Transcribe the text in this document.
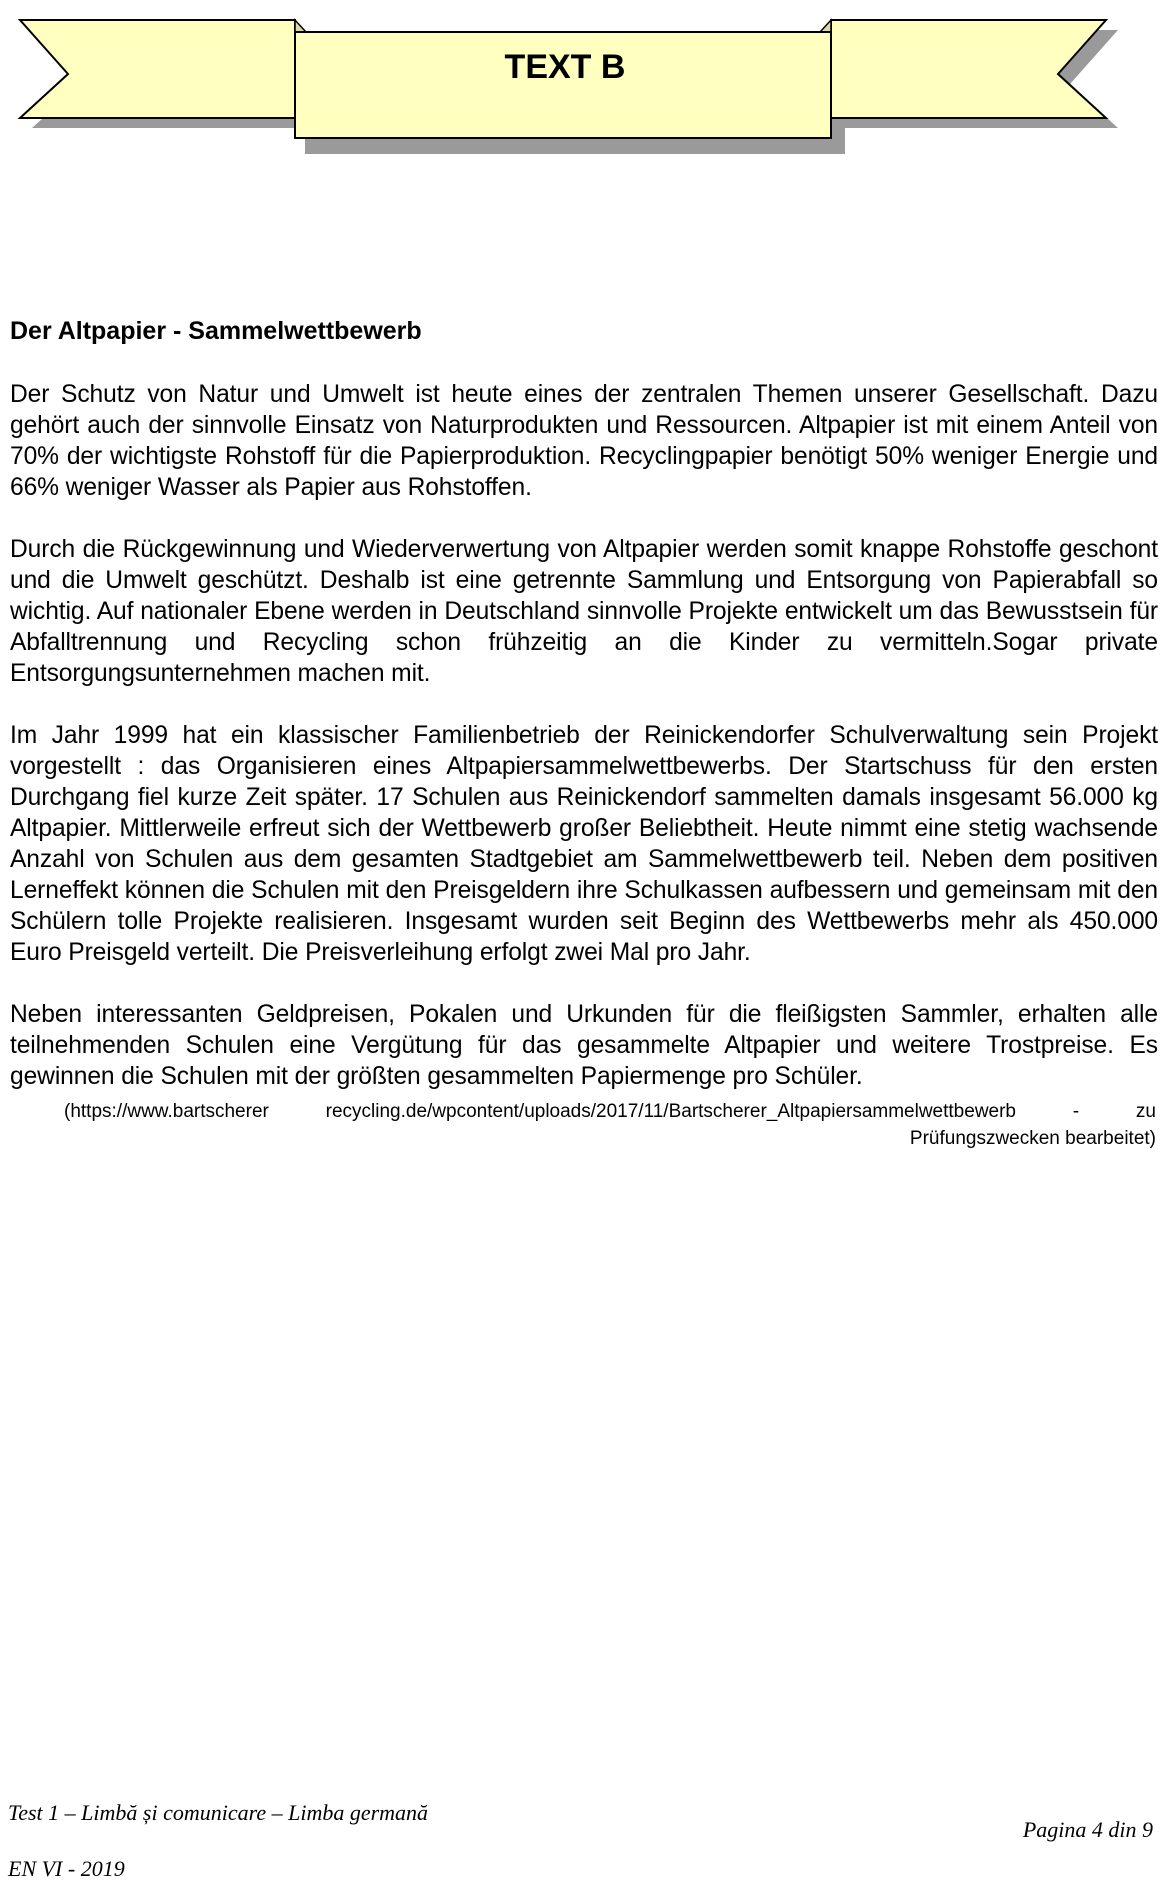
TEXT B
Der Altpapier - Sammelwettbewerb

Der Schutz von Natur und Umwelt ist heute eines der zentralen Themen unserer Gesellschaft. Dazu gehört auch der sinnvolle Einsatz von Naturprodukten und Ressourcen. Altpapier ist mit einem Anteil von 70% der wichtigste Rohstoff für die Papierproduktion. Recyclingpapier benötigt 50% weniger Energie und 66% weniger Wasser als Papier aus Rohstoffen.

Durch die Rückgewinnung und Wiederverwertung von Altpapier werden somit knappe Rohstoffe geschont und die Umwelt geschützt. Deshalb ist eine getrennte Sammlung und Entsorgung von Papierabfall so wichtig. Auf nationaler Ebene werden in Deutschland sinnvolle Projekte entwickelt um das Bewusstsein für Abfalltrennung und Recycling schon frühzeitig an die Kinder zu vermitteln.Sogar private Entsorgungsunternehmen machen mit.

Im Jahr 1999 hat ein klassischer Familienbetrieb der Reinickendorfer Schulverwaltung sein Projekt vorgestellt : das Organisieren eines Altpapiersammelwettbewerbs. Der Startschuss für den ersten Durchgang fiel kurze Zeit später. 17 Schulen aus Reinickendorf sammelten damals insgesamt 56.000 kg Altpapier. Mittlerweile erfreut sich der Wettbewerb großer Beliebtheit. Heute nimmt eine stetig wachsende Anzahl von Schulen aus dem gesamten Stadtgebiet am Sammelwettbewerb teil. Neben dem positiven Lerneffekt können die Schulen mit den Preisgeldern ihre Schulkassen aufbessern und gemeinsam mit den Schülern tolle Projekte realisieren. Insgesamt wurden seit Beginn des Wettbewerbs mehr als 450.000 Euro Preisgeld verteilt. Die Preisverleihung erfolgt zwei Mal pro Jahr.

Neben interessanten Geldpreisen, Pokalen und Urkunden für die fleißigsten Sammler, erhalten alle teilnehmenden Schulen eine Vergütung für das gesammelte Altpapier und weitere Trostpreise. Es gewinnen die Schulen mit der größten gesammelten Papiermenge pro Schüler.

(https://www.bartscherer recycling.de/wpcontent/uploads/2017/11/Bartscherer_Altpapiersammelwettbewerb - zu Prüfungszwecken bearbeitet)

Test 1 – Limbă și comunicare – Limba germană
EN VI - 2019
Pagina 4 din 9
